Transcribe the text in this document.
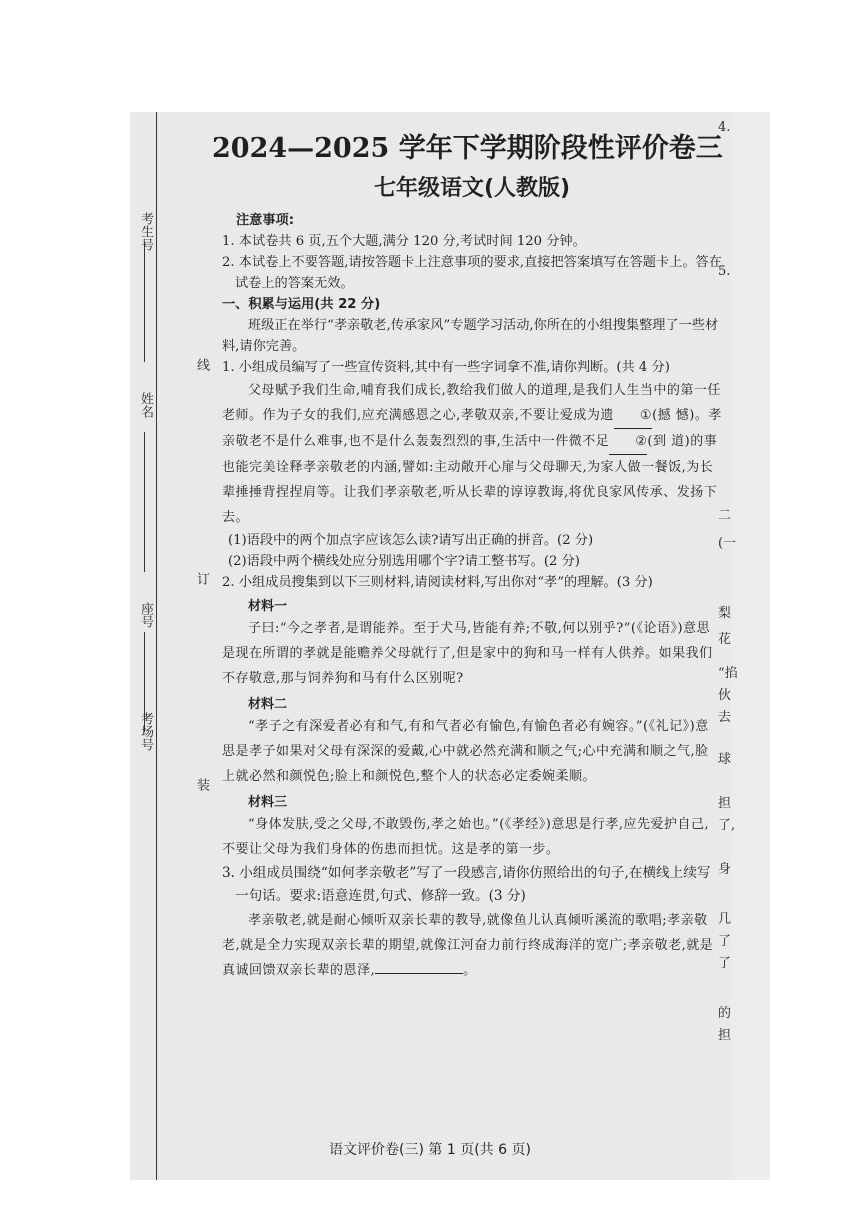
考生号
姓名
座号
考场号
线
订
装
2024—2025 学年下学期阶段性评价卷三
七年级语文(人教版)

注意事项:

1. 本试卷共 6 页,五个大题,满分 120 分,考试时间 120 分钟。

2. 本试卷上不要答题,请按答题卡上注意事项的要求,直接把答案填写在答题卡上。答在试卷上的答案无效。

一、积累与运用(共 22 分)

班级正在举行“孝亲敬老,传承家风”专题学习活动,你所在的小组搜集整理了一些材料,请你完善。

1. 小组成员编写了一些宣传资料,其中有一些字词拿不准,请你判断。(共 4 分)

父母赋予我们生命,哺育我们成长,教给我们做人的道理,是我们人生当中的第一任老师。作为子女的我们,应充满感恩之心,孝敬双亲,不要让爱成为遗 ①(撼 憾)。孝亲敬老不是什么难事,也不是什么轰轰烈烈的事,生活中一件微不足 ②(到 道)的事也能完美诠释孝亲敬老的内涵,譬如:主动敞开心扉与父母聊天,为家人做一餐饭,为长辈捶捶背捏捏肩等。让我们孝亲敬老,听从长辈的谆谆教诲,将优良家风传承、发扬下去。

(1)语段中的两个加点字应该怎么读?请写出正确的拼音。(2 分)

(2)语段中两个横线处应分别选用哪个字?请工整书写。(2 分)

2. 小组成员搜集到以下三则材料,请阅读材料,写出你对“孝”的理解。(3 分)

材料一

子曰:“今之孝者,是谓能养。至于犬马,皆能有养;不敬,何以别乎?”(《论语》)意思是现在所谓的孝就是能赡养父母就行了,但是家中的狗和马一样有人供养。如果我们不存敬意,那与饲养狗和马有什么区别呢?

材料二

“孝子之有深爱者必有和气,有和气者必有愉色,有愉色者必有婉容。”(《礼记》)意思是孝子如果对父母有深深的爱戴,心中就必然充满和顺之气;心中充满和顺之气,脸上就必然和颜悦色;脸上和颜悦色,整个人的状态必定委婉柔顺。

材料三

“身体发肤,受之父母,不敢毁伤,孝之始也。”(《孝经》)意思是行孝,应先爱护自己,不要让父母为我们身体的伤患而担忧。这是孝的第一步。

3. 小组成员围绕“如何孝亲敬老”写了一段感言,请你仿照给出的句子,在横线上续写一句话。要求:语意连贯,句式、修辞一致。(3 分)

孝亲敬老,就是耐心倾听双亲长辈的教导,就像鱼儿认真倾听溪流的歌唱;孝亲敬老,就是全力实现双亲长辈的期望,就像江河奋力前行终成海洋的宽广;孝亲敬老,就是真诚回馈双亲长辈的恩泽,	。

语文评价卷(三) 第 1 页(共 6 页)
4.
5.
二
(一
梨
花
“掐
伙
去
球
担
了,
身
几
了
了
的
担
